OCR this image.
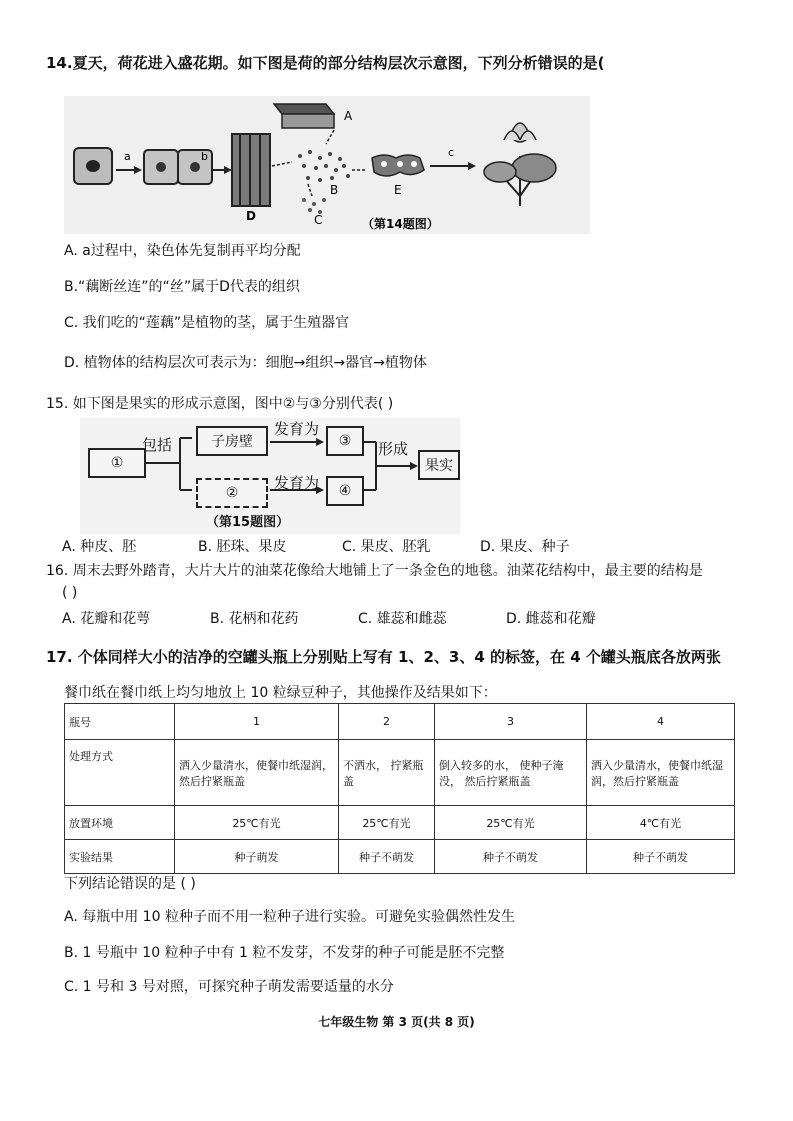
14.夏天，荷花进入盛花期。如下图是荷的部分结构层次示意图，下列分析错误的是(
a	b
D
A
B
C
E
c
（第14题图）
A. a过程中，染色体先复制再平均分配
B.“藕断丝连”的“丝”属于D代表的组织
C. 我们吃的“莲藕”是植物的茎，属于生殖器官
D. 植物体的结构层次可表示为：细胞→组织→器官→植物体
15. 如下图是果实的形成示意图，图中②与③分别代表( )
①
包括	子房壁
发育为
③
②
发育为	④
形成
果实
（第15题图）
A. 种皮、胚	B. 胚珠、果皮	C. 果皮、胚乳	D. 果皮、种子
16. 周末去野外踏青，大片大片的油菜花像给大地铺上了一条金色的地毯。油菜花结构中，最主要的结构是
( )
A. 花瓣和花萼	B. 花柄和花药	C. 雄蕊和雌蕊	D. 雌蕊和花瓣
17. 个体同样大小的洁净的空罐头瓶上分别贴上写有 1、2、3、4 的标签，在 4 个罐头瓶底各放两张
餐巾纸在餐巾纸上均匀地放上 10 粒绿豆种子，其他操作及结果如下：
瓶号	1	2	3	4
处理方式	洒入少量清水，使餐巾纸湿润， 然后拧紧瓶盖	不洒水， 拧紧瓶盖	倒入较多的水， 使种子淹没， 然后拧紧瓶盖	洒入少量清水，使餐巾纸湿润，然后拧紧瓶盖
放置环境	25℃有光	25℃有光	25℃有光	4℃有光
实验结果	种子萌发	种子不萌发	种子不萌发	种子不萌发
下列结论错误的是 ( )
A. 每瓶中用 10 粒种子而不用一粒种子进行实验。可避免实验偶然性发生
B. 1 号瓶中 10 粒种子中有 1 粒不发芽，不发芽的种子可能是胚不完整
C. 1 号和 3 号对照，可探究种子萌发需要适量的水分
七年级生物 第 3 页(共 8 页)
